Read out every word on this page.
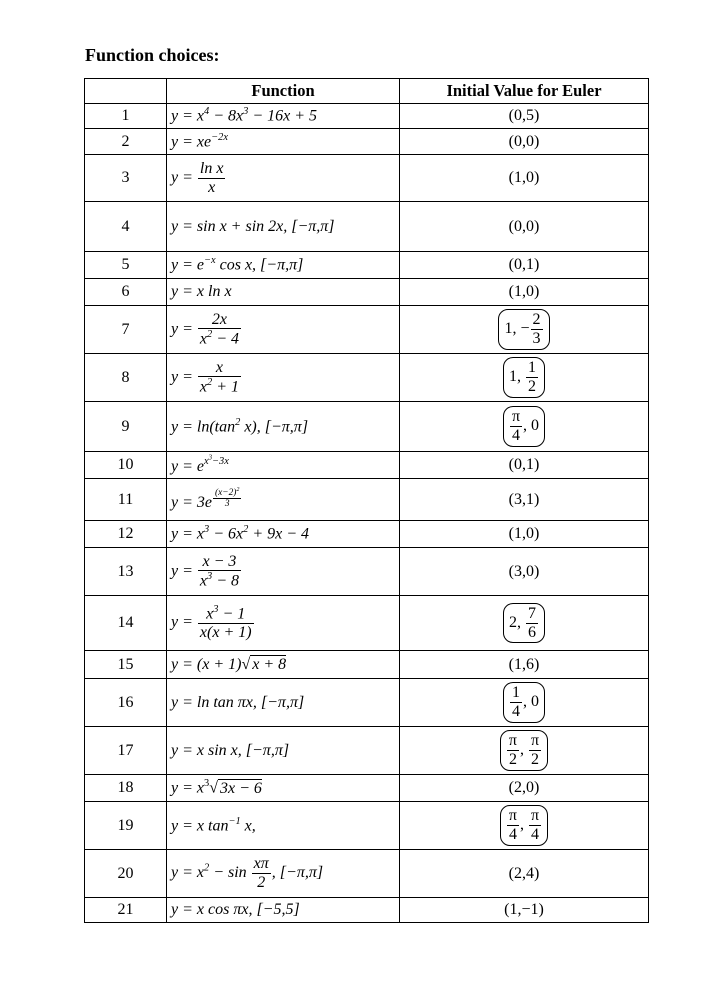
Function choices:
	Function	Initial Value for Euler
1	$y = x^4 - 8x^3 - 16x + 5$	(0,5)
2	$y = xe^{-2x}$	(0,0)
3	$y = \frac{\text{ln x}}{x}$	(1,0)
4	y = sin x + sin 2x, [−π,π]	(0,0)
5	$y = e^{-x}$ cos x, [−π,π]	(0,1)
6	y = x ln x	(1,0)
7	$y = \frac{2x}{x^2 - 4}$	1, − $\frac{2}{3}$

8	$y = \frac{x}{x^2 + 1}$	1, $\frac{1}{2}$

9	$y = \ln(\tan^2$ x), [−π,π]	$\frac{\pi}{4}$ , 0
10	$y = e^{x^3-3x}$	(0,1)
11	y = 3e $^{\frac{(x-2)^2}{3}}$	(3,1)
12	$y = x^3 - 6x^2 + 9x - 4$	(1,0)
13	$y = \frac{x - 3}{x^3 - 8}$	(3,0)
14	$y = \frac{x^3 - 1}{x(x + 1)}$	2, $\frac{7}{6}$

15	y = (x + 1)√ x + 8	(1,6)
16	y = ln tan πx, [−π,π]	$\frac{1}{4}$ , 0
17	y = x sin x, [−π,π]	$\frac{\pi}{2}$ , $\frac{\pi}{2}$

18	$y = x^3√$ 3x − 6	(2,0)
19	y = x $\tan^{-1} x$,	$\frac{\pi}{4}$ , $\frac{\pi}{4}$

20	$y = x^2 - \sin \frac{x\pi}{2}$ , [−π,π]	(2,4)
21	y = x cos πx, [−5,5]	(1,−1)
